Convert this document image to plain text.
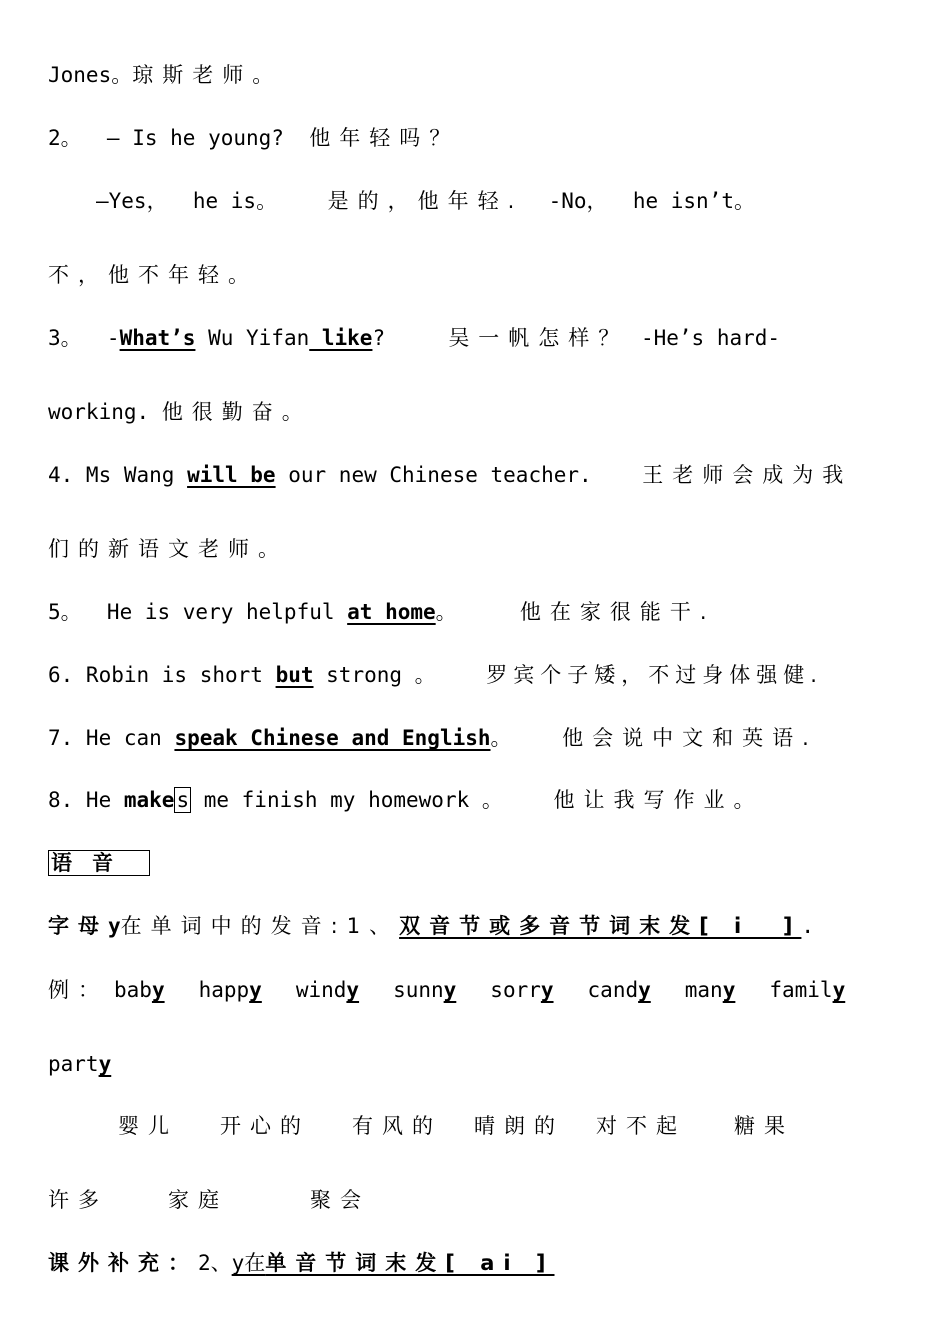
Jones。琼斯老师。
2。  — Is he young?  他年轻吗？
—Yes，  he is。    是的，他年轻.  -No，  he isn’t。
不，他不年轻。
3。  -What’s Wu Yifan like?     吴一帆怎样？ -He’s hard-
working. 他很勤奋。
4. Ms Wang will be our new Chinese teacher.    王老师会成为我
们的新语文老师。
5。  He is very helpful at home。     他在家很能干.
6. Robin is short but strong 。    罗宾个子矮，不过身体强健.
7. He can speak Chinese and English。    他会说中文和英语.
8. He makes me finish my homework 。    他让我写作业。
语音
字母y在单词中的发音:1、双音节或多音节词末发[ i  ].
例： baby happy windy sunny sorry candy many family
party
婴儿 开心的 有风的 晴朗的 对不起 糖果
许多	家庭	聚会
课外补充：2、y在单音节词末发[ ai ]
